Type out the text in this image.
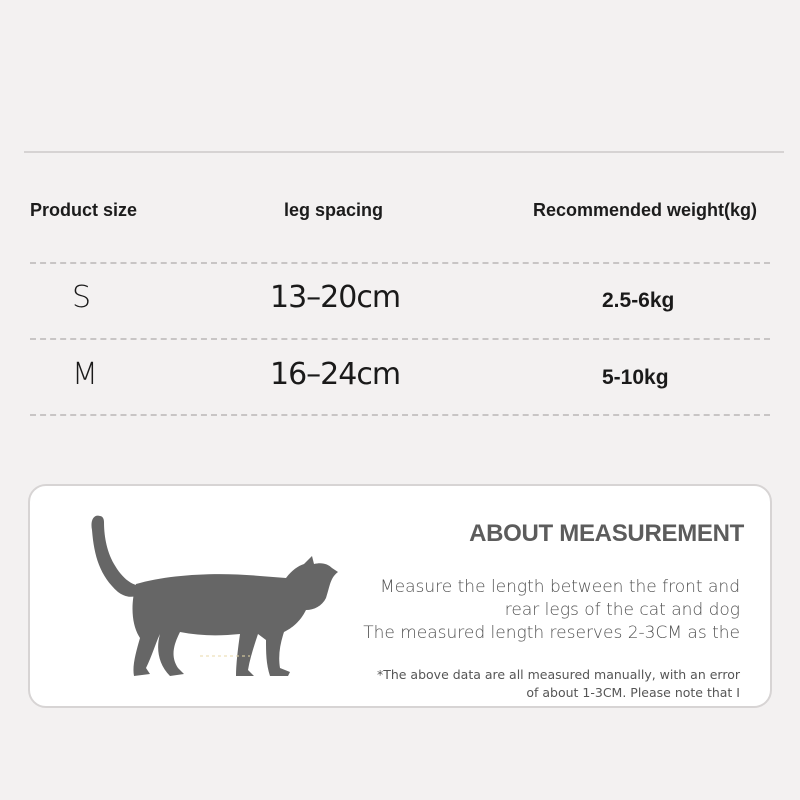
Product size	leg spacing	Recommended weight(kg)
S	13–20cm	2.5-6kg
M	16–24cm	5-10kg
ABOUT MEASUREMENT
Measure the length between the front and
rear legs of the cat and dog
The measured length reserves 2-3CM as the
*The above data are all measured manually, with an error
of about 1-3CM. Please note that I
